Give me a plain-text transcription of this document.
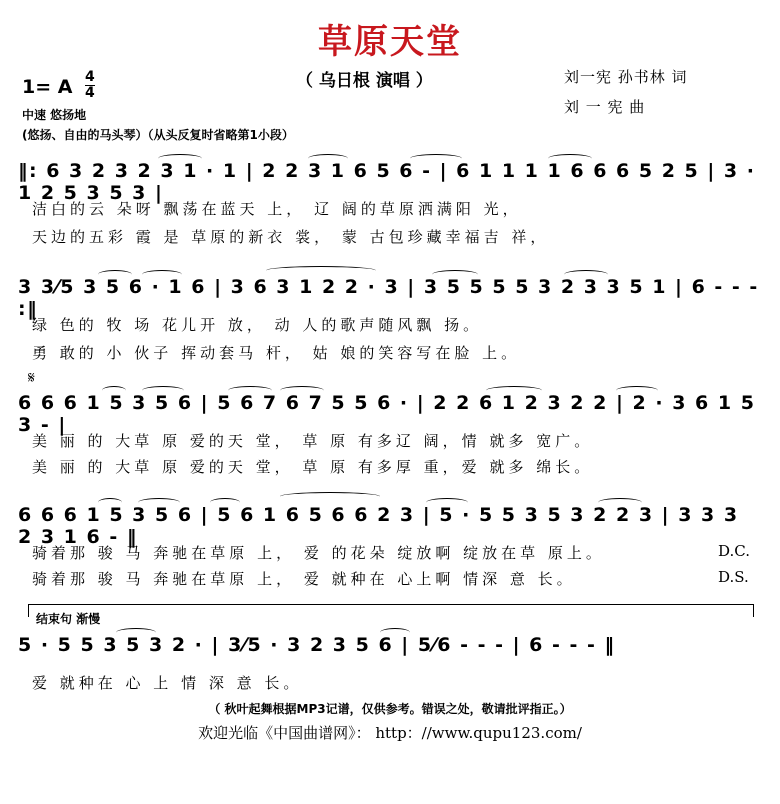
草原天堂
（ 乌日根 演唱 ）	刘一宪 孙书林 词
刘 一 宪 曲
1= A 4
4
中速 悠扬地
(悠扬、自由的马头琴）（从头反复时省略第1小段）
‖: 6 3 2 3 2 3 1 · 1 | 2 2 3 1 6 5 6 - | 6 1 1 1 1 6 6 6 5 2 5 | 3 · 1 2 5 3 5 3 |
洁白的云 朵呀 飘荡在蓝天 上， 辽 阔的草原洒满阳 光，
天边的五彩 霞 是 草原的新衣 裳， 蒙 古包珍藏幸福吉 祥，
3 3⁄5 3 5 6 · 1 6 | 3 6 3 1 2 2 · 3 | 3 5 5 5 5 3 2 3 3 5 1 | 6 - - - :‖
绿 色的 牧 场 花儿开 放， 动 人的歌声随风飘 扬。
勇 敢的 小 伙子 挥动套马 杆， 姑 娘的笑容写在脸 上。
𝄋
6 6 6 1 5 3 5 6 | 5 6 7 6 7 5 5 6 · | 2 2 6 1 2 3 2 2 | 2 · 3 6 1 5 3 - |
美 丽 的 大草 原 爱的天 堂， 草 原 有多辽 阔，情 就多 宽广。
美 丽 的 大草 原 爱的天 堂， 草 原 有多厚 重，爱 就多 绵长。
6 6 6 1 5 3 5 6 | 5 6 1 6 5 6 6 2 3 | 5 · 5 5 3 5 3 2 2 3 | 3 3 3 2 3 1 6 - ‖
骑着那 骏 马 奔驰在草原 上， 爱 的花朵 绽放啊 绽放在草 原上。
骑着那 骏 马 奔驰在草原 上， 爱 就种在 心上啊 情深 意 长。
D.C.
D.S.
结束句 渐慢
5 · 5 5 3 5 3 2 · | 3⁄5 · 3 2 3 5 6 | 5⁄6 - - - | 6 - - - ‖
爱 就种在 心 上 情 深 意 长。
（ 秋叶起舞根据MP3记谱，仅供参考。错误之处，敬请批评指正。）
欢迎光临《中国曲谱网》： http：//www.qupu123.com/
